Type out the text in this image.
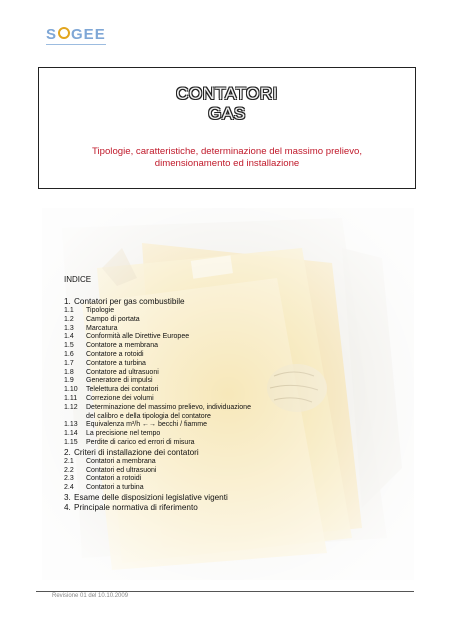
S GEE
CONTATORI
GAS
Tipologie, caratteristiche, determinazione del massimo prelievo,
dimensionamento ed installazione
INDICE
1. Contatori per gas combustibile
1.1	Tipologie
1.2	Campo di portata
1.3	Marcatura
1.4	Conformità alle Direttive Europee
1.5	Contatore a membrana
1.6	Contatore a rotoidi
1.7	Contatore a turbina
1.8	Contatore ad ultrasuoni
1.9	Generatore di impulsi
1.10	Telelettura dei contatori
1.11	Correzione dei volumi
1.12	Determinazione del massimo prelievo, individuazione
del calibro e della tipologia del contatore
1.13	Equivalenza m³/h ←→ becchi / fiamme
1.14	La precisione nel tempo
1.15	Perdite di carico ed errori di misura
2. Criteri di installazione dei contatori
2.1	Contatori a membrana
2.2	Contatori ed ultrasuoni
2.3	Contatori a rotoidi
2.4	Contatori a turbina
3. Esame delle disposizioni legislative vigenti
4. Principale normativa di riferimento
Revisione 01 del 10.10.2009
